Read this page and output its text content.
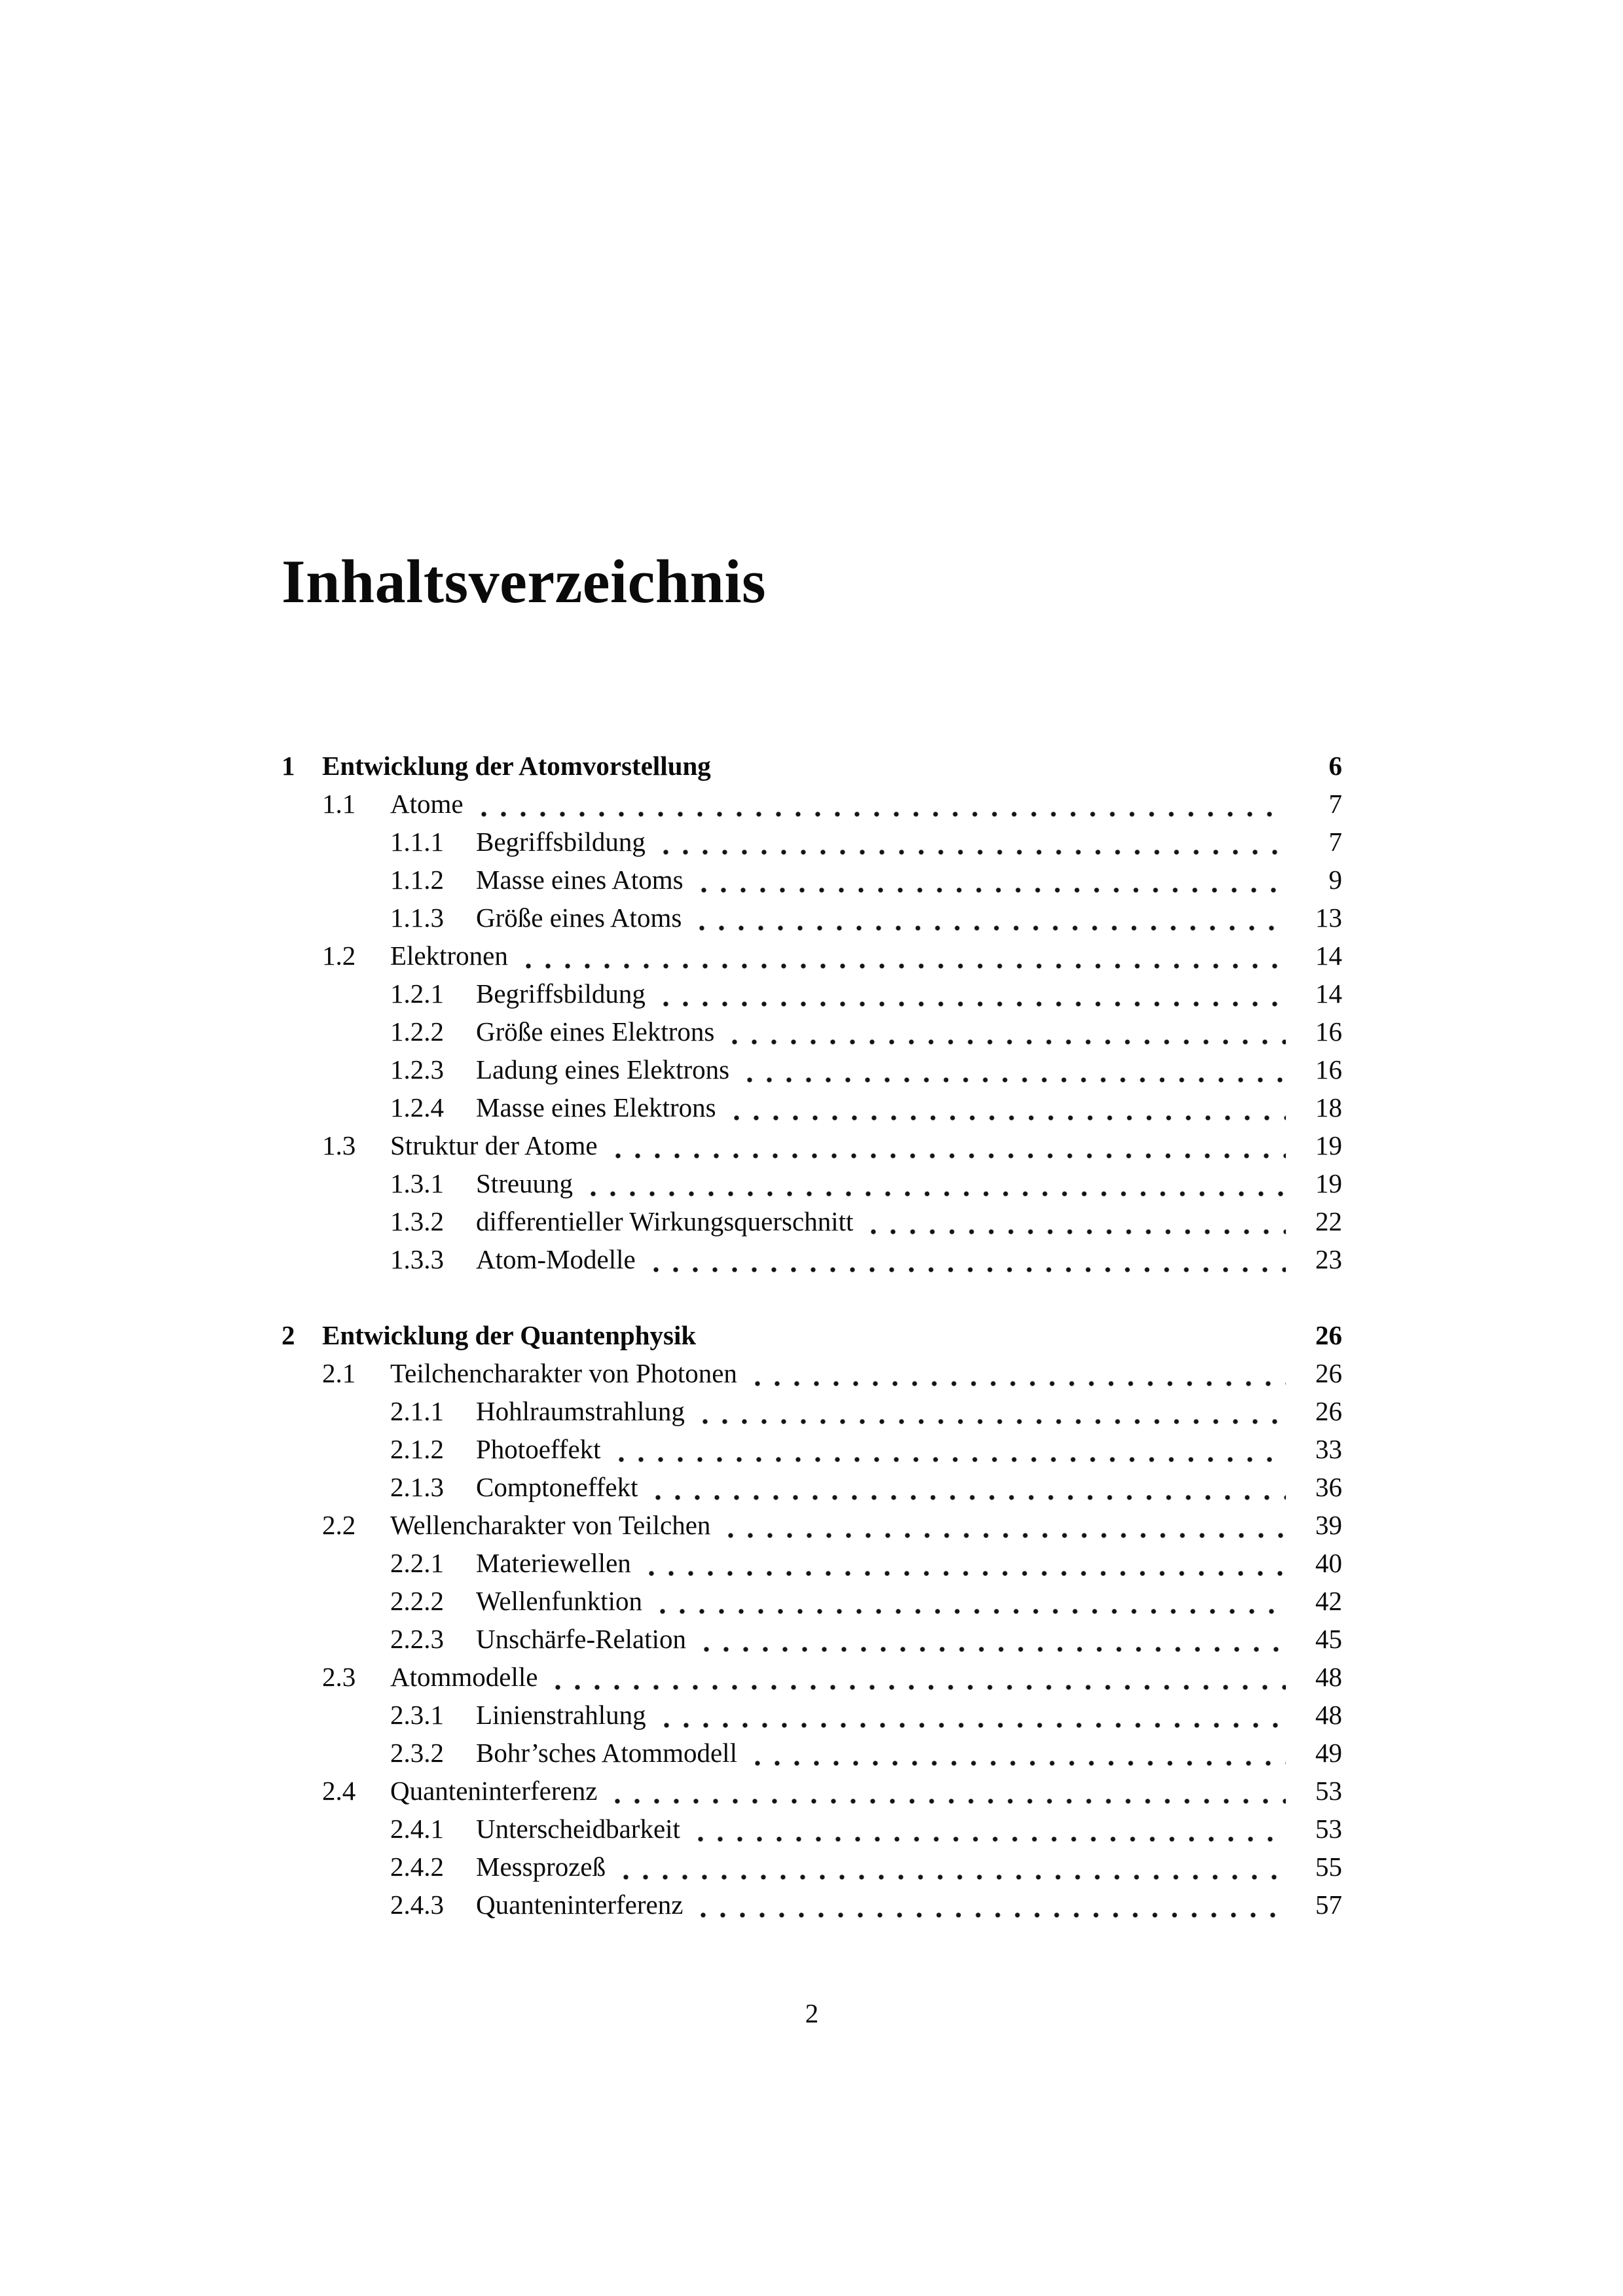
Inhaltsverzeichnis
1	Entwicklung der Atomvorstellung	6
1.1	Atome	7
1.1.1	Begriffsbildung	7
1.1.2	Masse eines Atoms	9
1.1.3	Größe eines Atoms	13
1.2	Elektronen	14
1.2.1	Begriffsbildung	14
1.2.2	Größe eines Elektrons	16
1.2.3	Ladung eines Elektrons	16
1.2.4	Masse eines Elektrons	18
1.3	Struktur der Atome	19
1.3.1	Streuung	19
1.3.2	differentieller Wirkungsquerschnitt	22
1.3.3	Atom-Modelle	23
2	Entwicklung der Quantenphysik	26
2.1	Teilchencharakter von Photonen	26
2.1.1	Hohlraumstrahlung	26
2.1.2	Photoeffekt	33
2.1.3	Comptoneffekt	36
2.2	Wellencharakter von Teilchen	39
2.2.1	Materiewellen	40
2.2.2	Wellenfunktion	42
2.2.3	Unschärfe-Relation	45
2.3	Atommodelle	48
2.3.1	Linienstrahlung	48
2.3.2	Bohr’sches Atommodell	49
2.4	Quanteninterferenz	53
2.4.1	Unterscheidbarkeit	53
2.4.2	Messprozeß	55
2.4.3	Quanteninterferenz	57
2
